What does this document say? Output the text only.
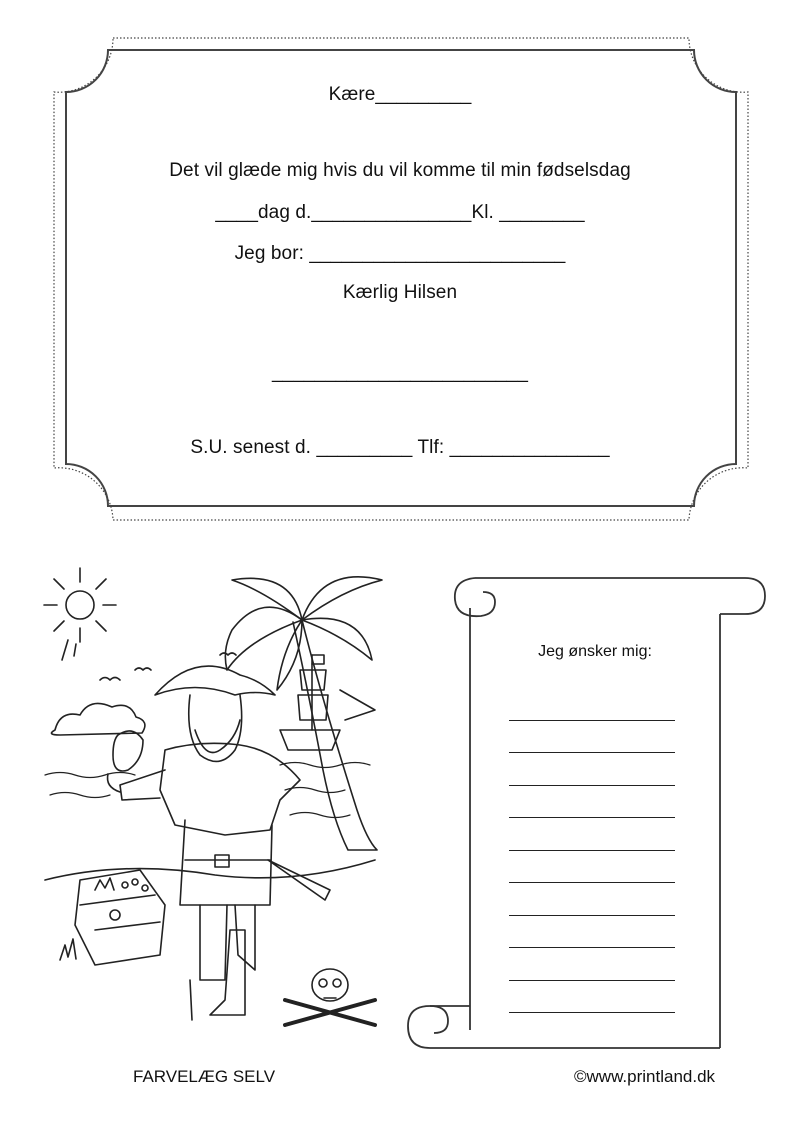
Kære_________
Det vil glæde mig hvis du vil komme til min fødselsdag
____dag d._______________Kl. ________
Jeg bor: ________________________
Kærlig Hilsen
________________________
S.U. senest d. _________ Tlf: _______________
Jeg ønsker mig:
FARVELÆG SELV	©www.printland.dk
